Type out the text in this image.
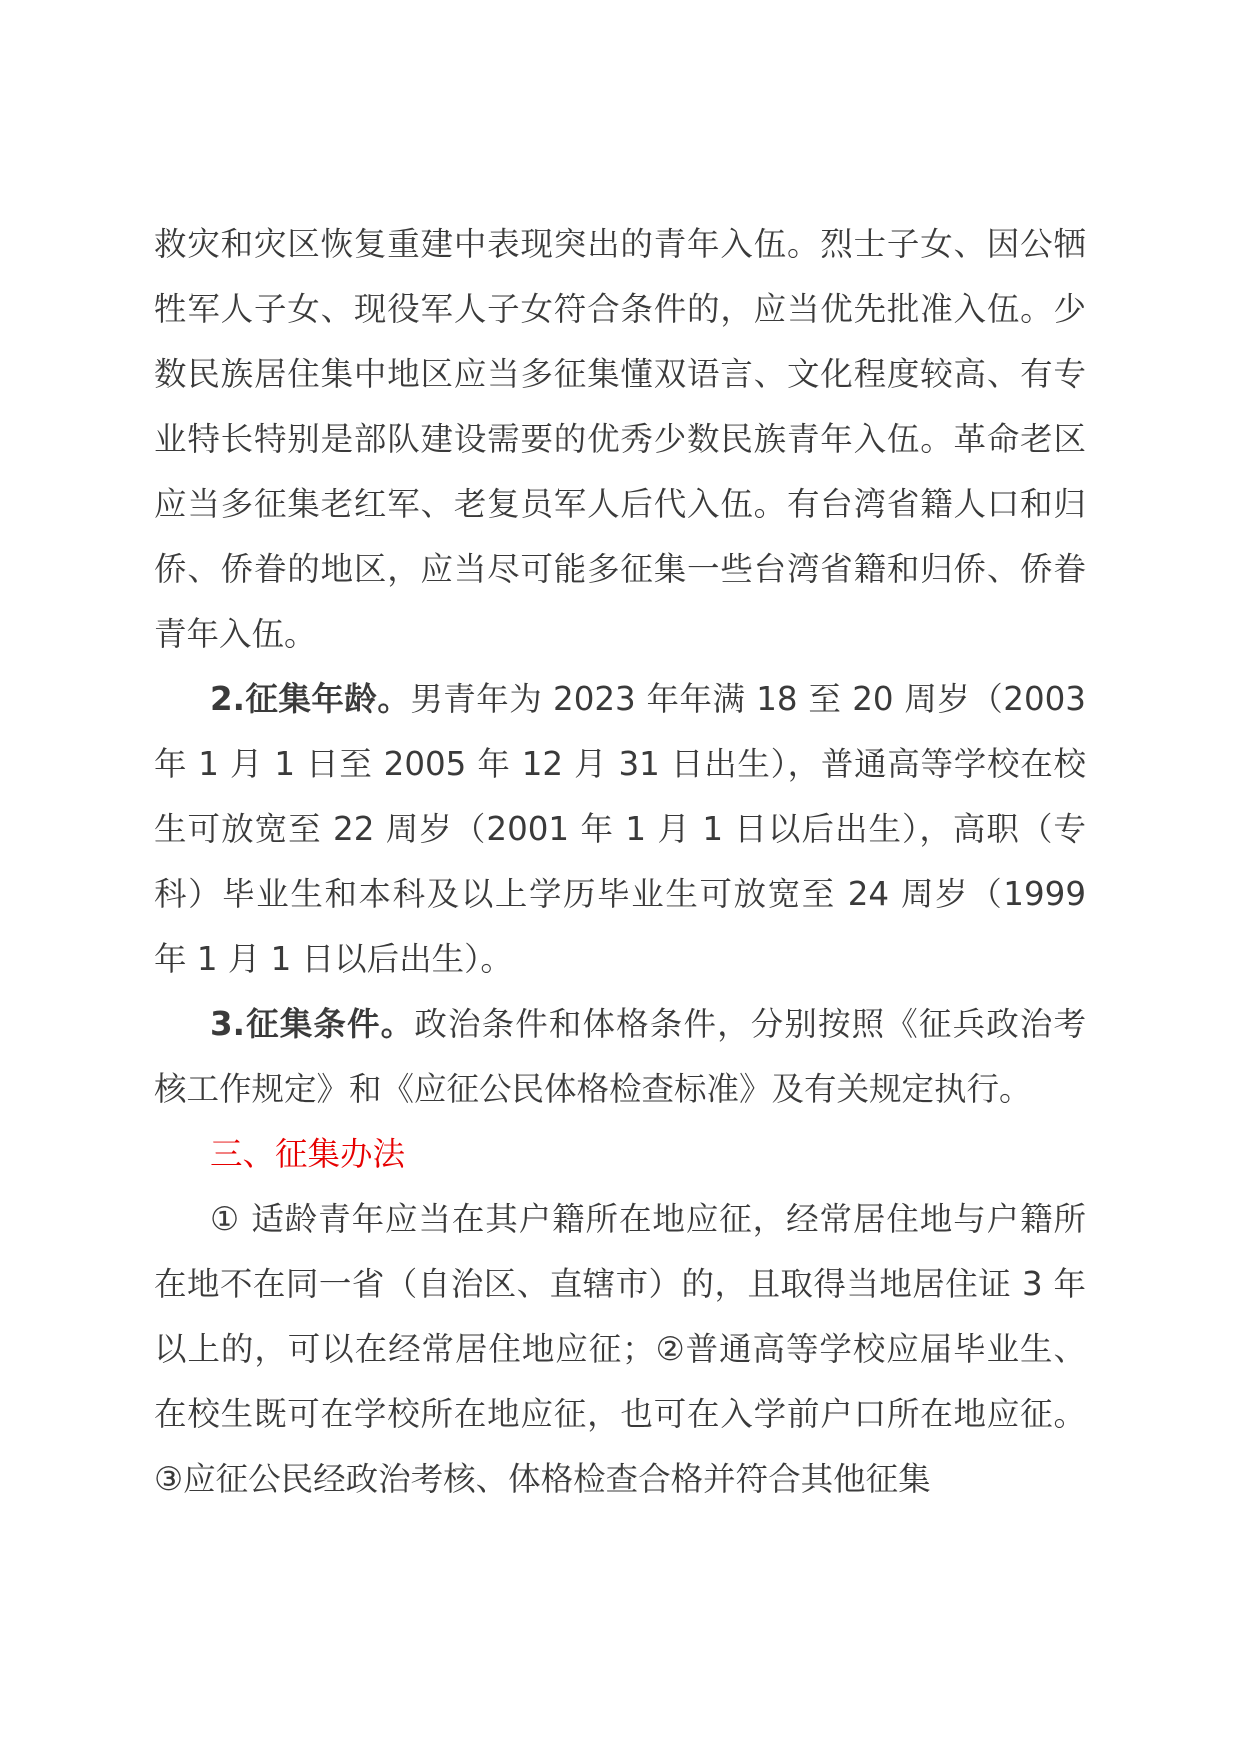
救灾和灾区恢复重建中表现突出的青年入伍。烈士子女、因公牺牲军人子女、现役军人子女符合条件的，应当优先批准入伍。少数民族居住集中地区应当多征集懂双语言、文化程度较高、有专业特长特别是部队建设需要的优秀少数民族青年入伍。革命老区应当多征集老红军、老复员军人后代入伍。有台湾省籍人口和归侨、侨眷的地区，应当尽可能多征集一些台湾省籍和归侨、侨眷青年入伍。

2.征集年龄。男青年为 2023 年年满 18 至 20 周岁（2003 年 1 月 1 日至 2005 年 12 月 31 日出生），普通高等学校在校生可放宽至 22 周岁（2001 年 1 月 1 日以后出生），高职（专科）毕业生和本科及以上学历毕业生可放宽至 24 周岁（1999 年 1 月 1 日以后出生）。

3.征集条件。政治条件和体格条件，分别按照《征兵政治考核工作规定》和《应征公民体格检查标准》及有关规定执行。

三、征集办法

① 适龄青年应当在其户籍所在地应征，经常居住地与户籍所在地不在同一省（自治区、直辖市）的，且取得当地居住证 3 年以上的，可以在经常居住地应征；②普通高等学校应届毕业生、在校生既可在学校所在地应征，也可在入学前户口所在地应征。③应征公民经政治考核、体格检查合格并符合其他征集
